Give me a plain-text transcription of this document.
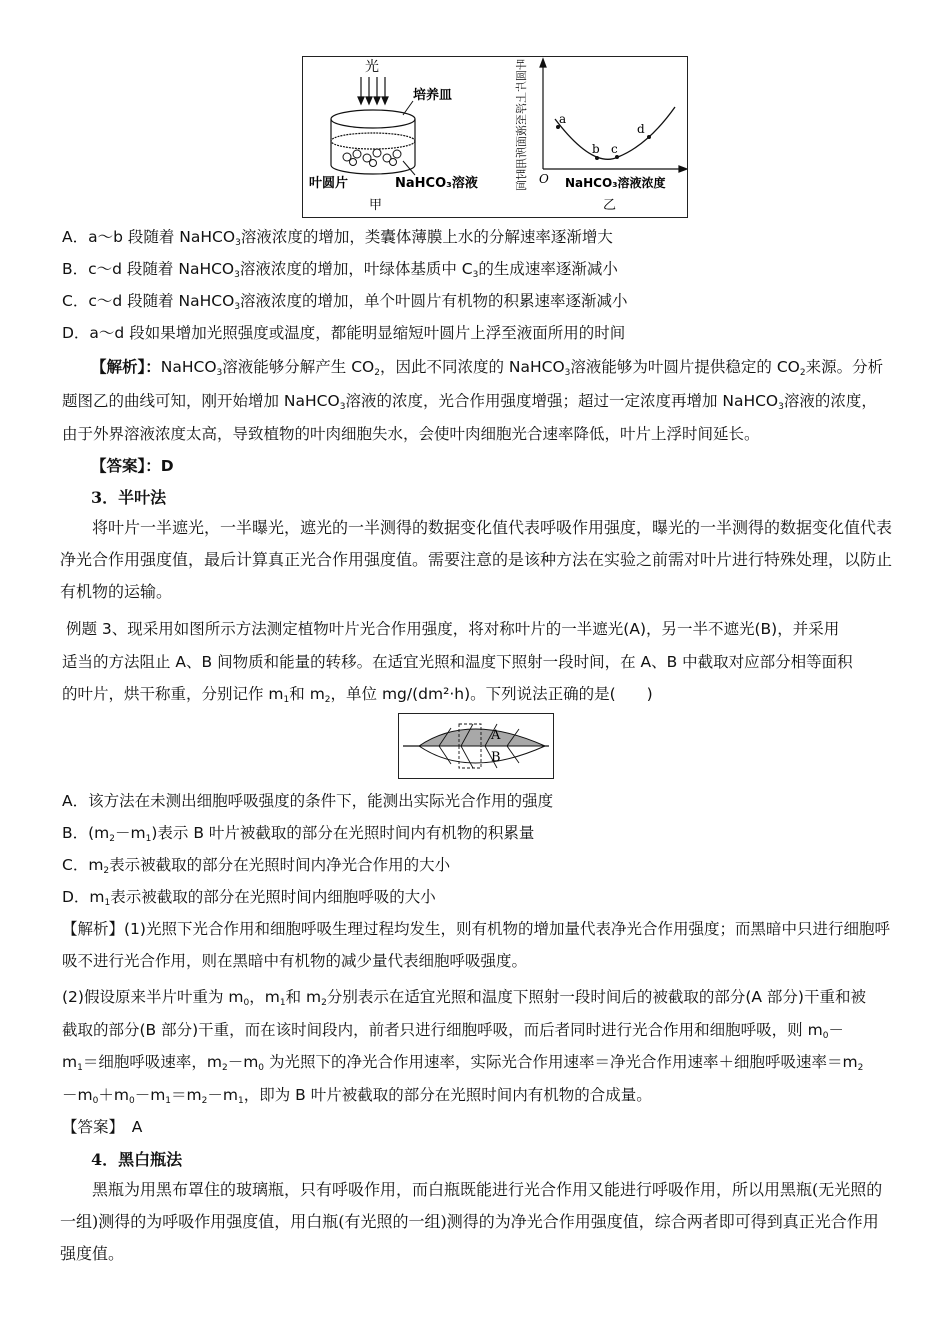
光
培养皿
叶圆片	NaHCO₃溶液
甲
叶圆片上浮至液面所用时间	a
b c
d
O NaHCO₃溶液浓度
乙
A．a～b 段随着 NaHCO$_3$溶液浓度的增加，类囊体薄膜上水的分解速率逐渐增大
B．c～d 段随着 NaHCO$_3$溶液浓度的增加，叶绿体基质中 $C_3$的生成速率逐渐减小
C．c～d 段随着 NaHCO$_3$溶液浓度的增加，单个叶圆片有机物的积累速率逐渐减小
D．a～d 段如果增加光照强度或温度，都能明显缩短叶圆片上浮至液面所用的时间
【解析】：NaHCO$_3$溶液能够分解产生 $CO_2$，因此不同浓度的 NaHCO$_3$溶液能够为叶圆片提供稳定的 $CO_2$来源。分析
题图乙的曲线可知，刚开始增加 NaHCO$_3$溶液的浓度，光合作用强度增强；超过一定浓度再增加 NaHCO$_3$溶液的浓度，
由于外界溶液浓度太高，导致植物的叶肉细胞失水，会使叶肉细胞光合速率降低，叶片上浮时间延长。
【答案】：D
3．半叶法
将叶片一半遮光，一半曝光，遮光的一半测得的数据变化值代表呼吸作用强度，曝光的一半测得的数据变化值代表净光合作用强度值，最后计算真正光合作用强度值。需要注意的是该种方法在实验之前需对叶片进行特殊处理，以防止有机物的运输。
例题 3、现采用如图所示方法测定植物叶片光合作用强度，将对称叶片的一半遮光(A)，另一半不遮光(B)，并采用
适当的方法阻止 A、B 间物质和能量的转移。在适宜光照和温度下照射一段时间，在 A、B 中截取对应部分相等面积
的叶片，烘干称重，分别记作 $m_1$和 $m_2$，单位 mg/(dm²·h)。下列说法正确的是(　　)
A
B
A．该方法在未测出细胞呼吸强度的条件下，能测出实际光合作用的强度
B．$(m_2-m_1)$表示 B 叶片被截取的部分在光照时间内有机物的积累量
C．$m_2$表示被截取的部分在光照时间内净光合作用的大小
D．$m_1$表示被截取的部分在光照时间内细胞呼吸的大小
【解析】(1)光照下光合作用和细胞呼吸生理过程均发生，则有机物的增加量代表净光合作用强度；而黑暗中只进行细胞呼吸不进行光合作用，则在黑暗中有机物的减少量代表细胞呼吸强度。
(2)假设原来半片叶重为 $m_0$，$m_1$和 $m_2$分别表示在适宜光照和温度下照射一段时间后的被截取的部分(A 部分)干重和被
截取的部分(B 部分)干重，而在该时间段内，前者只进行细胞呼吸，而后者同时进行光合作用和细胞呼吸，则 $m_0-$
$m_1=$细胞呼吸速率，$m_2-m_0$ 为光照下的净光合作用速率，实际光合作用速率＝净光合作用速率＋细胞呼吸速率$=m_2$
$-m_0+m_0-m_1=m_2-m_1$，即为 B 叶片被截取的部分在光照时间内有机物的合成量。
【答案】　A
4．黑白瓶法
黑瓶为用黑布罩住的玻璃瓶，只有呼吸作用，而白瓶既能进行光合作用又能进行呼吸作用，所以用黑瓶(无光照的一组)测得的为呼吸作用强度值，用白瓶(有光照的一组)测得的为净光合作用强度值，综合两者即可得到真正光合作用强度值。
